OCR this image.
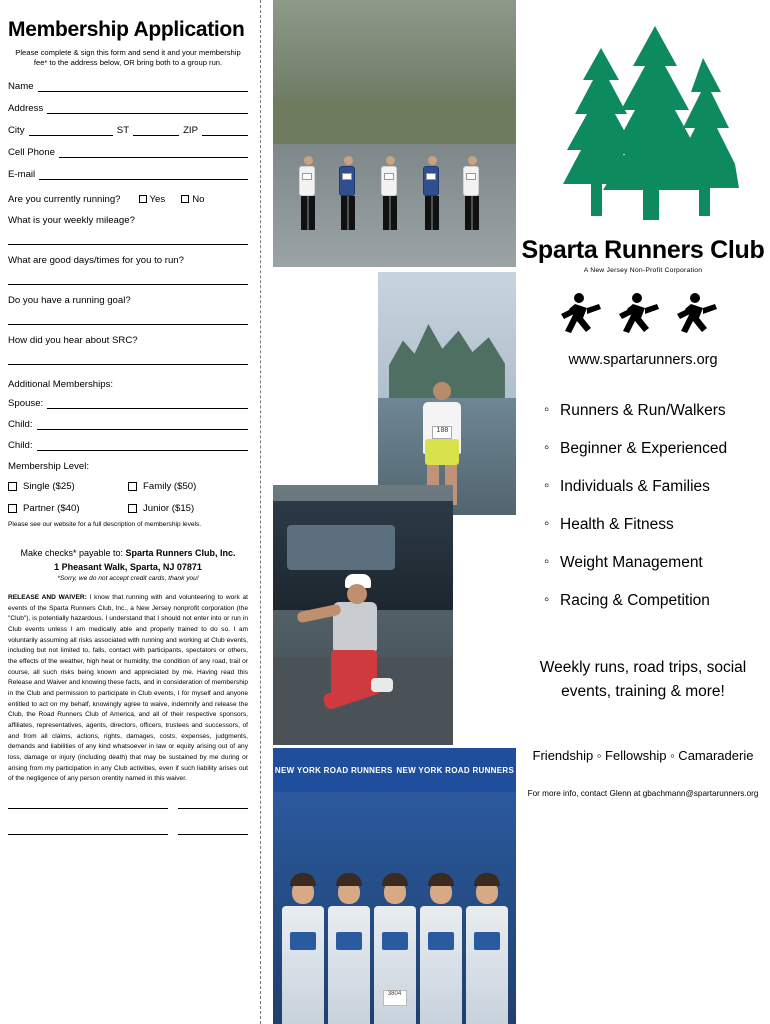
Membership Application

Please complete & sign this form and send it and your membership fee* to the address below, OR bring both to a group run.

Name
Address
City	ST	ZIP
Cell Phone
E-mail
Are you currently running?	Yes	No
What is your weekly mileage?
What are good days/times for you to run?
Do you have a running goal?
How did you hear about SRC?
Additional Memberships:
Spouse:
Child:
Child:
Membership Level:
Single ($25)	Family ($50)
Partner ($40)	Junior ($15)
Please see our website for a full description of membership levels.
Make checks* payable to: Sparta Runners Club, Inc.
1 Pheasant Walk, Sparta, NJ 07871
*Sorry, we do not accept credit cards, thank you!
RELEASE AND WAIVER: I know that running with and volunteering to work at events of the Sparta Runners Club, Inc., a New Jersey nonprofit corporation (the "Club"), is potentially hazardous. I understand that I should not enter into or run in Club events unless I am medically able and properly trained to do so. I am voluntarily assuming all risks associated with running and working at Club events, including but not limited to, falls, contact with participants, spectators or others, the effects of the weather, high heat or humidity, the condition of any road, trail or course, all such risks being known and appreciated by me. Having read this Release and Waiver and knowing these facts, and in consideration of membership in the Club and permission to participate in Club events, I for myself and anyone entitled to act on my behalf, knowingly agree to waive, indemnify and release the Club, the Road Runners Club of America, and all of their respective sponsors, affiliates, representatives, agents, directors, officers, trustees and successors, of and from all claims, actions, rights, damages, costs, expenses, judgments, demands and liabilities of any kind whatsoever in law or equity arising out of any loss, damage or injury (including death) that may be sustained by me during or arising from my participation in any Club activities, even if such liability arises out of the negligence of any person orentity named in this waiver.
188
NEW YORK ROAD RUNNERS NEW YORK ROAD RUNNERS
3804
Sparta Runners Club
A New Jersey Non-Profit Corporation
www.spartarunners.org
◦ Runners & Run/Walkers
◦ Beginner & Experienced
◦ Individuals & Families
◦ Health & Fitness
◦ Weight Management
◦ Racing & Competition
Weekly runs, road trips, social events, training & more!
Friendship ◦ Fellowship ◦ Camaraderie
For more info, contact Glenn at gbachmann@spartarunners.org
